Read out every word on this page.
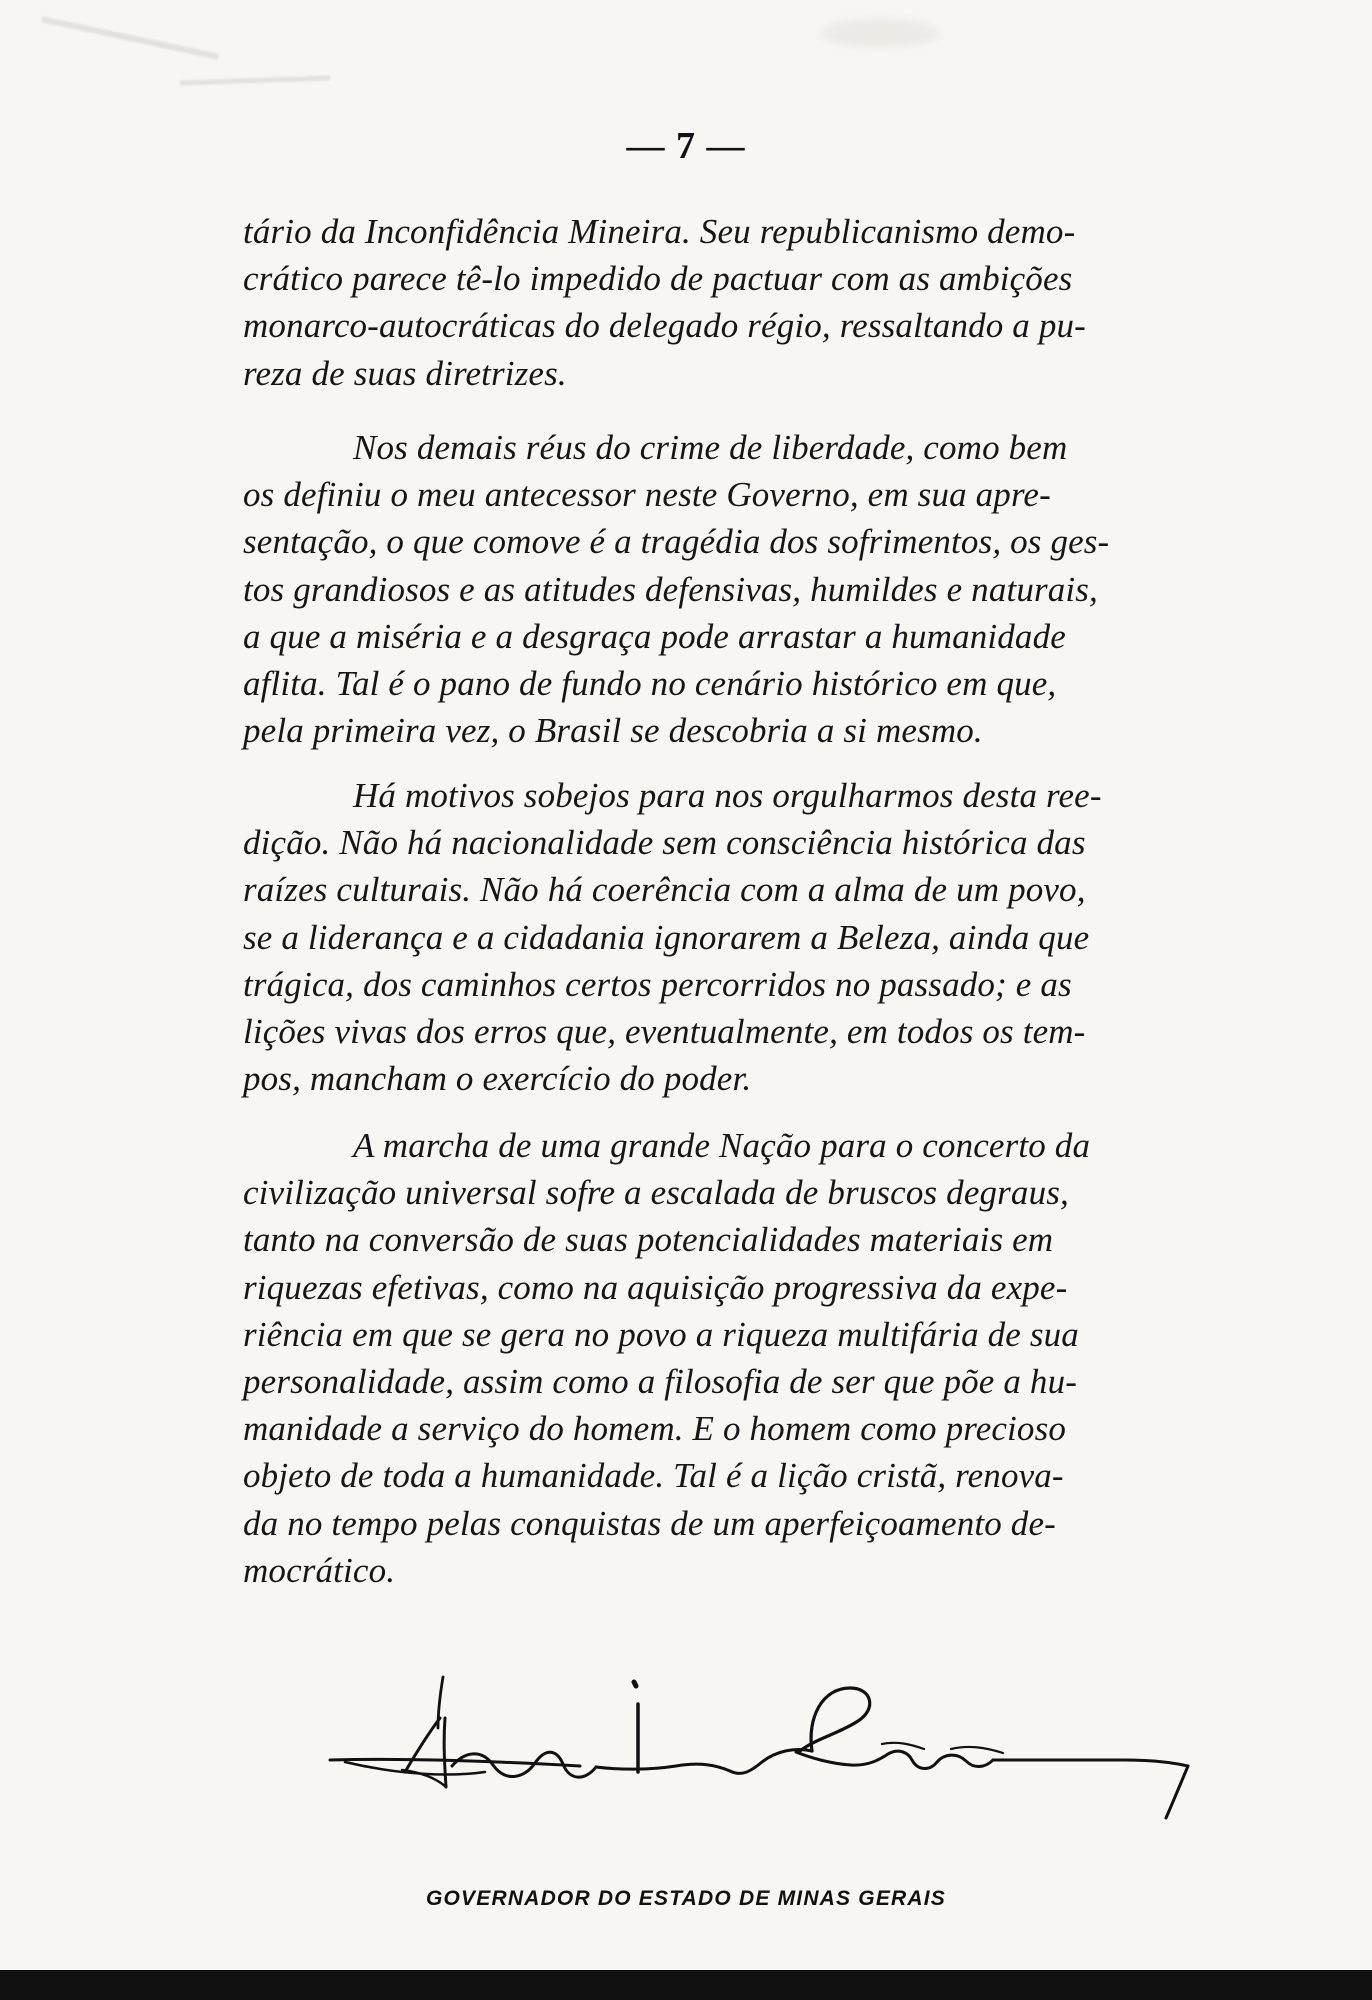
— 7 —
tário da Inconfidência Mineira. Seu republicanismo demo-
crático parece tê-lo impedido de pactuar com as ambições
monarco-autocráticas do delegado régio, ressaltando a pu-
reza de suas diretrizes.
Nos demais réus do crime de liberdade, como bem
os definiu o meu antecessor neste Governo, em sua apre-
sentação, o que comove é a tragédia dos sofrimentos, os ges-
tos grandiosos e as atitudes defensivas, humildes e naturais,
a que a miséria e a desgraça pode arrastar a humanidade
aflita. Tal é o pano de fundo no cenário histórico em que,
pela primeira vez, o Brasil se descobria a si mesmo.
Há motivos sobejos para nos orgulharmos desta ree-
dição. Não há nacionalidade sem consciência histórica das
raízes culturais. Não há coerência com a alma de um povo,
se a liderança e a cidadania ignorarem a Beleza, ainda que
trágica, dos caminhos certos percorridos no passado; e as
lições vivas dos erros que, eventualmente, em todos os tem-
pos, mancham o exercício do poder.
A marcha de uma grande Nação para o concerto da
civilização universal sofre a escalada de bruscos degraus,
tanto na conversão de suas potencialidades materiais em
riquezas efetivas, como na aquisição progressiva da expe-
riência em que se gera no povo a riqueza multifária de sua
personalidade, assim como a filosofia de ser que põe a hu-
manidade a serviço do homem. E o homem como precioso
objeto de toda a humanidade. Tal é a lição cristã, renova-
da no tempo pelas conquistas de um aperfeiçoamento de-
mocrático.
GOVERNADOR DO ESTADO DE MINAS GERAIS
